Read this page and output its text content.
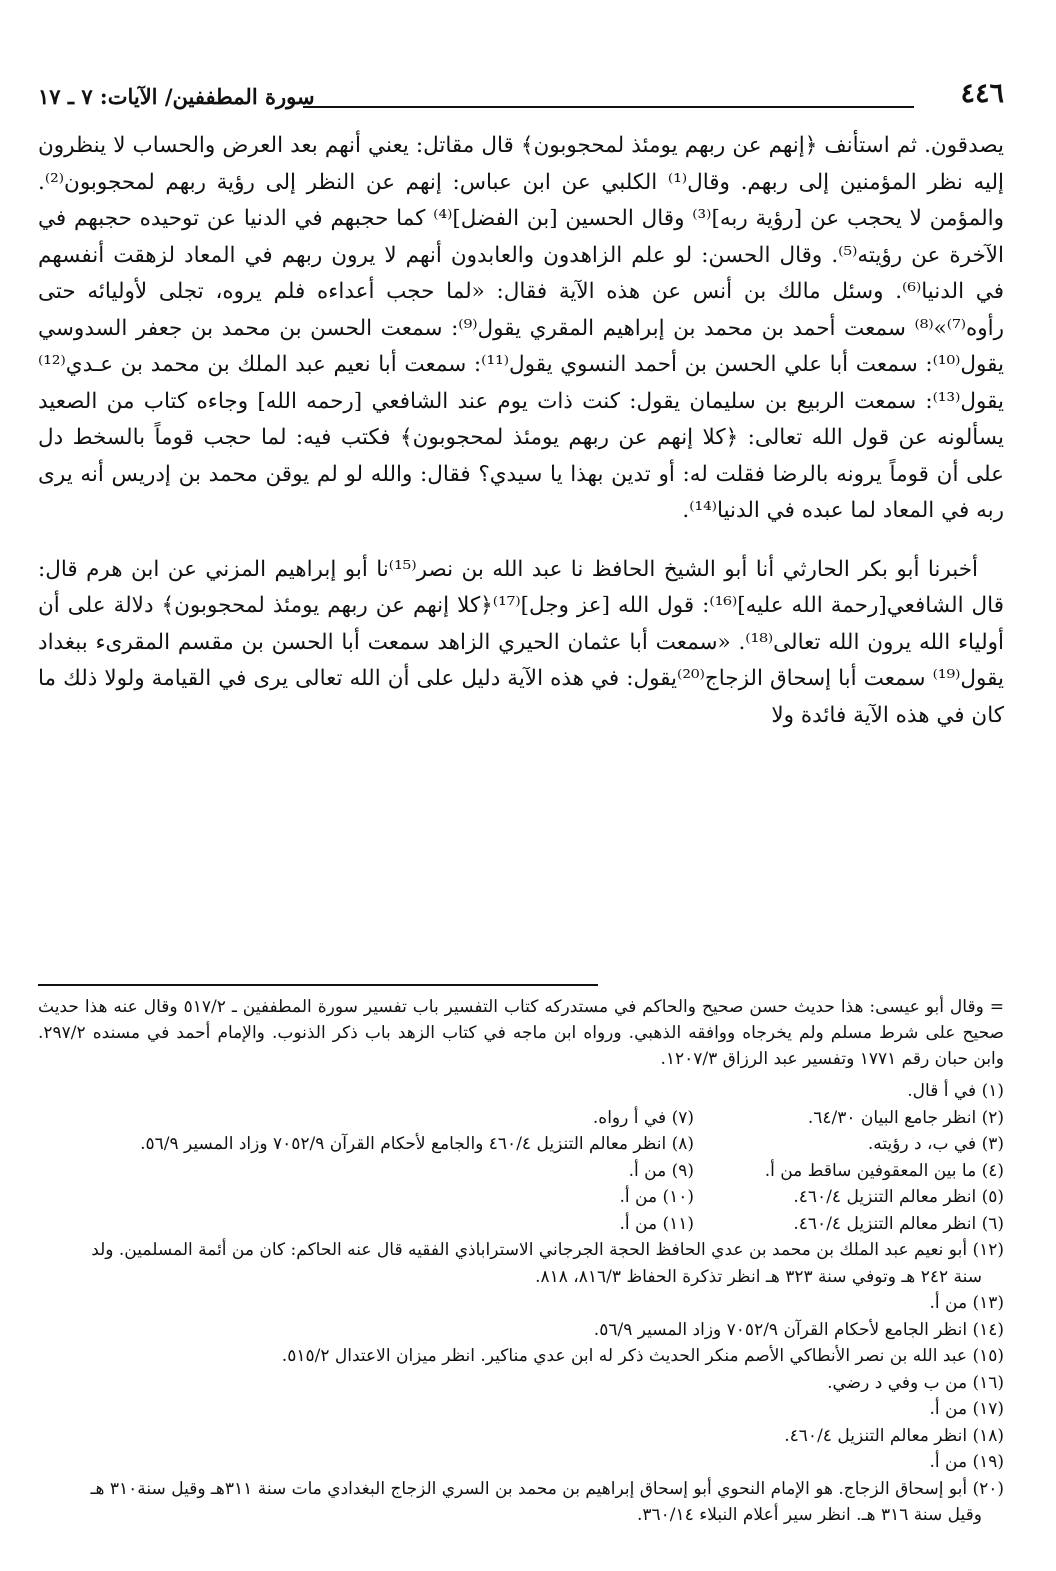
٤٤٦
سورة المطففين/ الآيات: ٧ ـ ١٧

يصدقون. ثم استأنف ﴿إنهم عن ربهم يومئذ لمحجوبون﴾ قال مقاتل: يعني أنهم بعد العرض والحساب لا ينظرون إليه نظر المؤمنين إلى ربهم. وقال⁽¹⁾ الكلبي عن ابن عباس: إنهم عن النظر إلى رؤية ربهم لمحجوبون⁽²⁾. والمؤمن لا يحجب عن [رؤية ربه]⁽³⁾ وقال الحسين [بن الفضل]⁽⁴⁾ كما حجبهم في الدنيا عن توحيده حجبهم في الآخرة عن رؤيته⁽⁵⁾. وقال الحسن: لو علم الزاهدون والعابدون أنهم لا يرون ربهم في المعاد لزهقت أنفسهم في الدنيا⁽⁶⁾. وسئل مالك بن أنس عن هذه الآية فقال: «لما حجب أعداءه فلم يروه، تجلى لأوليائه حتى رأوه⁽⁷⁾»⁽⁸⁾ سمعت أحمد بن محمد بن إبراهيم المقري يقول⁽⁹⁾: سمعت الحسن بن محمد بن جعفر السدوسي يقول⁽¹⁰⁾: سمعت أبا علي الحسن بن أحمد النسوي يقول⁽¹¹⁾: سمعت أبا نعيم عبد الملك بن محمد بن عـدي⁽¹²⁾ يقول⁽¹³⁾: سمعت الربيع بن سليمان يقول: كنت ذات يوم عند الشافعي [رحمه الله] وجاءه كتاب من الصعيد يسألونه عن قول الله تعالى: ﴿كلا إنهم عن ربهم يومئذ لمحجوبون﴾ فكتب فيه: لما حجب قوماً بالسخط دل على أن قوماً يرونه بالرضا فقلت له: أو تدين بهذا يا سيدي؟ فقال: والله لو لم يوقن محمد بن إدريس أنه يرى ربه في المعاد لما عبده في الدنيا⁽¹⁴⁾.

أخبرنا أبو بكر الحارثي أنا أبو الشيخ الحافظ نا عبد الله بن نصر⁽¹⁵⁾نا أبو إبراهيم المزني عن ابن هرم قال: قال الشافعي[رحمة الله عليه]⁽¹⁶⁾: قول الله [عز وجل]⁽¹⁷⁾﴿كلا إنهم عن ربهم يومئذ لمحجوبون﴾ دلالة على أن أولياء الله يرون الله تعالى⁽¹⁸⁾. «سمعت أبا عثمان الحيري الزاهد سمعت أبا الحسن بن مقسم المقرىء ببغداد يقول⁽¹⁹⁾ سمعت أبا إسحاق الزجاج⁽²⁰⁾يقول: في هذه الآية دليل على أن الله تعالى يرى في القيامة ولولا ذلك ما كان في هذه الآية فائدة ولا

= وقال أبو عيسى: هذا حديث حسن صحيح والحاكم في مستدركه كتاب التفسير باب تفسير سورة المطففين ـ ٥١٧/٢ وقال عنه هذا حديث صحيح على شرط مسلم ولم يخرجاه ووافقه الذهبي. ورواه ابن ماجه في كتاب الزهد باب ذكر الذنوب. والإمام أحمد في مسنده ٢٩٧/٢. وابن حبان رقم ١٧٧١ وتفسير عبد الرزاق ١٢٠٧/٣.

(١) في أ قال.
(٢) انظر جامع البيان ٦٤/٣٠.
(٧) في أ رواه.
(٣) في ب، د رؤيته.
(٨) انظر معالم التنزيل ٤٦٠/٤ والجامع لأحكام القرآن ٧٠٥٢/٩ وزاد المسير ٥٦/٩.
(٤) ما بين المعقوفين ساقط من أ.
(٩) من أ.
(٥) انظر معالم التنزيل ٤٦٠/٤.
(١٠) من أ.
(٦) انظر معالم التنزيل ٤٦٠/٤.
(١١) من أ.
(١٢) أبو نعيم عبد الملك بن محمد بن عدي الحافظ الحجة الجرجاني الاستراباذي الفقيه قال عنه الحاكم: كان من أئمة المسلمين. ولد
سنة ٢٤٢ هـ وتوفي سنة ٣٢٣ هـ انظر تذكرة الحفاظ ٨١٦/٣، ٨١٨.
(١٣) من أ.
(١٤) انظر الجامع لأحكام القرآن ٧٠٥٢/٩ وزاد المسير ٥٦/٩.
(١٥) عبد الله بن نصر الأنطاكي الأصم منكر الحديث ذكر له ابن عدي مناكير. انظر ميزان الاعتدال ٥١٥/٢.
(١٦) من ب وفي د رضي.
(١٧) من أ.
(١٨) انظر معالم التنزيل ٤٦٠/٤.
(١٩) من أ.
(٢٠) أبو إسحاق الزجاج. هو الإمام النحوي أبو إسحاق إبراهيم بن محمد بن السري الزجاج البغدادي مات سنة ٣١١هـ وقيل سنة٣١٠ هـ
وقيل سنة ٣١٦ هـ. انظر سير أعلام النبلاء ٣٦٠/١٤.
